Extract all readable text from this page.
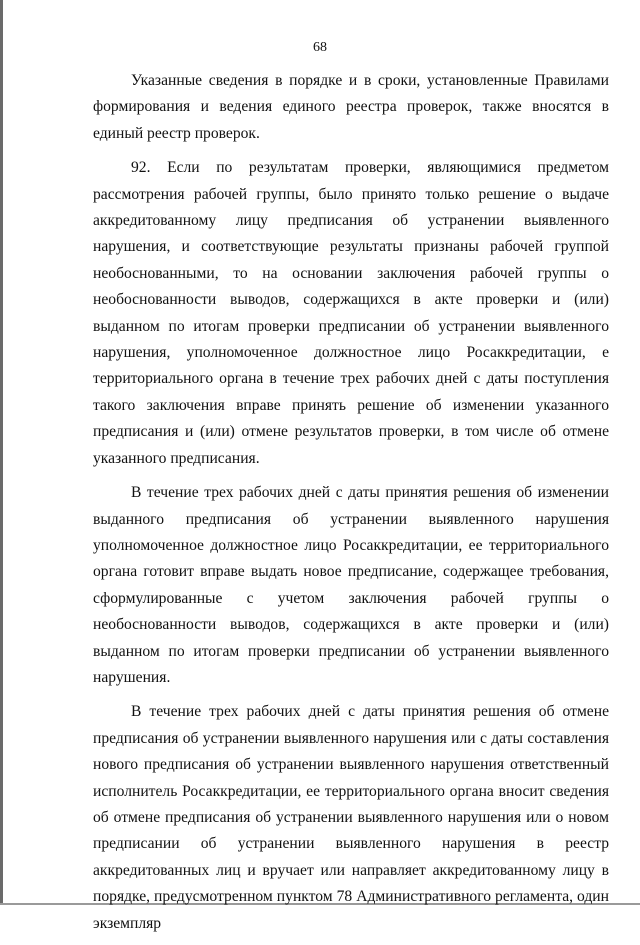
68

Указанные сведения в порядке и в сроки, установленные Правилами формирования и ведения единого реестра проверок, также вносятся в единый реестр проверок.

92. Если по результатам проверки, являющимися предметом рассмотрения рабочей группы, было принято только решение о выдаче аккредитованному лицу предписания об устранении выявленного нарушения, и соответствующие результаты признаны рабочей группой необоснованными, то на основании заключения рабочей группы о необоснованности выводов, содержащихся в акте проверки и (или) выданном по итогам проверки предписании об устранении выявленного нарушения, уполномоченное должностное лицо Росаккредитации, е территориального органа в течение трех рабочих дней с даты поступления такого заключения вправе принять решение об изменении указанного предписания и (или) отмене результатов проверки, в том числе об отмене указанного предписания.

В течение трех рабочих дней с даты принятия решения об изменении выданного предписания об устранении выявленного нарушения уполномоченное должностное лицо Росаккредитации, ее территориального органа готовит вправе выдать новое предписание, содержащее требования, сформулированные с учетом заключения рабочей группы о необоснованности выводов, содержащихся в акте проверки и (или) выданном по итогам проверки предписании об устранении выявленного нарушения.

В течение трех рабочих дней с даты принятия решения об отмене предписания об устранении выявленного нарушения или с даты составления нового предписания об устранении выявленного нарушения ответственный исполнитель Росаккредитации, ее территориального органа вносит сведения об отмене предписания об устранении выявленного нарушения или о новом предписании об устранении выявленного нарушения в реестр аккредитованных лиц и вручает или направляет аккредитованному лицу в порядке, предусмотренном пунктом 78 Административного регламента, один экземпляр
